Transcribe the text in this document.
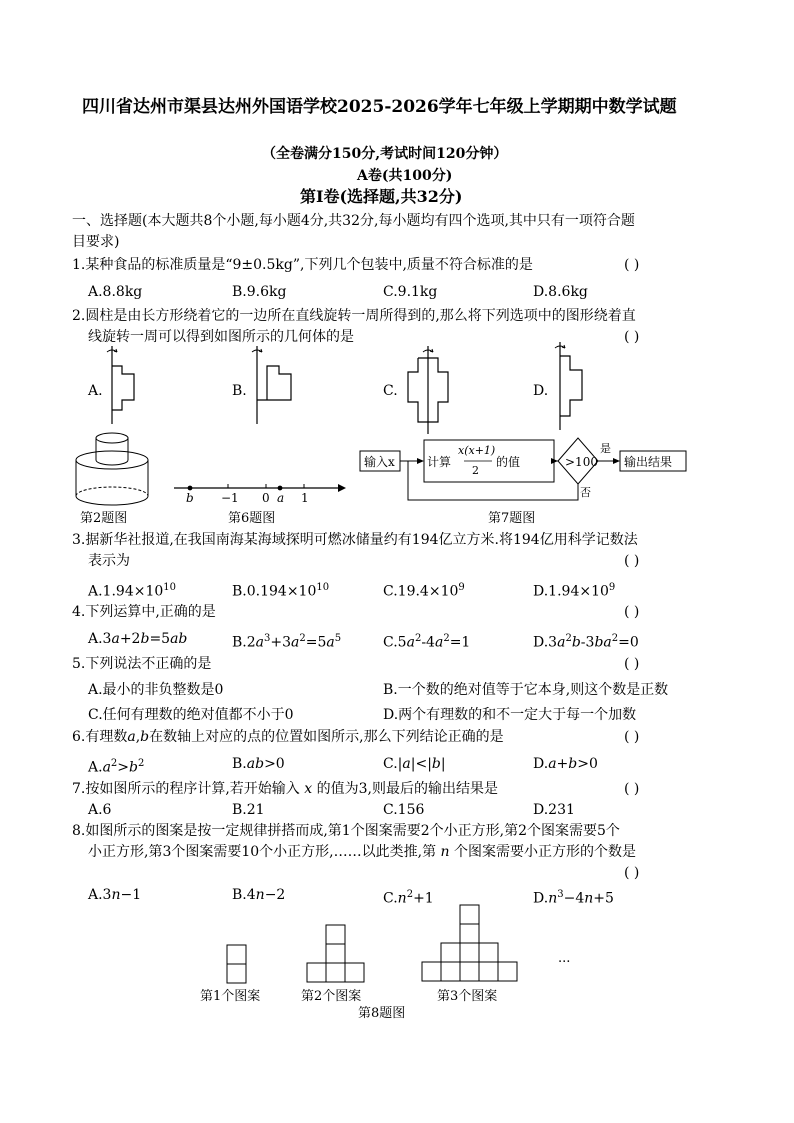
四川省达州市渠县达州外国语学校2025-2026学年七年级上学期期中数学试题
（全卷满分150分,考试时间120分钟）
A卷(共100分)
第Ⅰ卷(选择题,共32分)
一、选择题(本大题共8个小题,每小题4分,共32分,每小题均有四个选项,其中只有一项符合题
目要求)
1.某种食品的标准质量是“9±0.5kg”,下列几个包装中,质量不符合标准的是	( )
A.8.8kg	B.9.6kg	C.9.1kg	D.8.6kg
2.圆柱是由长方形绕着它的一边所在直线旋转一周所得到的,那么将下列选项中的图形绕着直
线旋转一周可以得到如图所示的几何体的是	( )
A.	B.	C.	D.
第2题图
b −1 0 a 1
第6题图
输入x	计算
x(x+1)
2
的值	>100
是
否
输出结果
第7题图
3.据新华社报道,在我国南海某海域探明可燃冰储量约有194亿立方米.将194亿用科学记数法
表示为	( )
$A.1.94\times 10^{10}$	$B.0.194\times 10^{10}$	$C.19.4\times 10^9$	$D.1.94\times 10^9$
4.下列运算中,正确的是	( )
A.3a+2b=5ab	$B.2a^3+3a^2=5a^5$	$C.5a^2-4a^2=1$	$D.3a^2b-3ba^2=0$
5.下列说法不正确的是	( )
A.最小的非负整数是0	B.一个数的绝对值等于它本身,则这个数是正数
C.任何有理数的绝对值都不小于0	D.两个有理数的和不一定大于每一个加数
6.有理数a,b在数轴上对应的点的位置如图所示,那么下列结论正确的是	( )
$A.a^2>b^2$	B.ab>0	C.|a|<|b|	D.a+b>0
7.按如图所示的程序计算,若开始输入 x 的值为3,则最后的输出结果是	( )
A.6	B.21	C.156	D.231
8.如图所示的图案是按一定规律拼搭而成,第1个图案需要2个小正方形,第2个图案需要5个
小正方形,第3个图案需要10个小正方形,……以此类推,第 n 个图案需要小正方形的个数是
( )
A.3n−1	B.4n−2	$C.n^2+1$	$D.n^3-4n+5$
...
第1个图案	第2个图案	第3个图案
第8题图
